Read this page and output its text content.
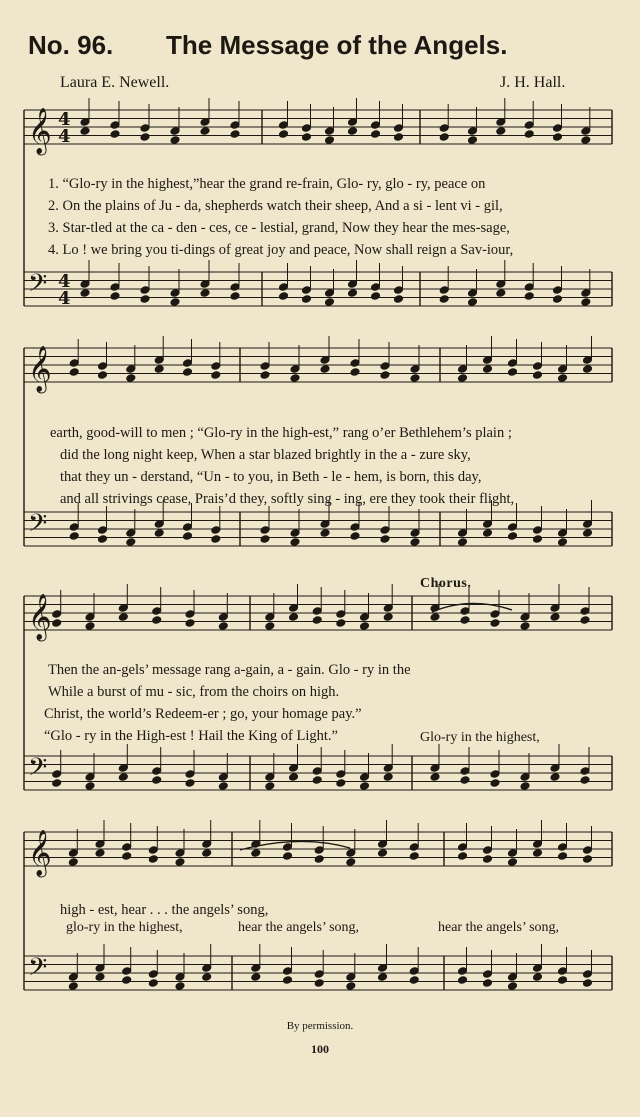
No. 96. The Message of the Angels.
Laura E. Newell.	J. H. Hall.
𝄞
𝄢
𝄞
𝄢
𝄞
𝄢
𝄞
𝄢
4
4
4
4
1. “Glo-ry in the highest,”hear the grand re-frain, Glo- ry, glo - ry, peace on
2. On the plains of Ju - da, shepherds watch their sheep, And a si - lent vi - gil,
3. Star-tled at the ca - den - ces, ce - lestial, grand, Now they hear the mes-sage,
4. Lo ! we bring you ti-dings of great joy and peace, Now shall reign a Sav-iour,
earth, good-will to men ; “Glo-ry in the high-est,” rang o’er Bethlehem’s plain ;
did the long night keep, When a star blazed brightly in the a - zure sky,
that they un - derstand, “Un - to you, in Beth - le - hem, is born, this day,
and all strivings cease, Prais’d they, softly sing - ing, ere they took their flight,
Chorus.
Then the an-gels’ message rang a-gain, a - gain. Glo - ry in the
While a burst of mu - sic, from the choirs on high.
Christ, the world’s Redeem-er ; go, your homage pay.”
“Glo - ry in the High-est ! Hail the King of Light.”	Glo-ry in the highest,
high - est, hear . . . the angels’ song,
glo-ry in the highest,	hear the angels’ song,	hear the angels’ song,
By permission.
100
